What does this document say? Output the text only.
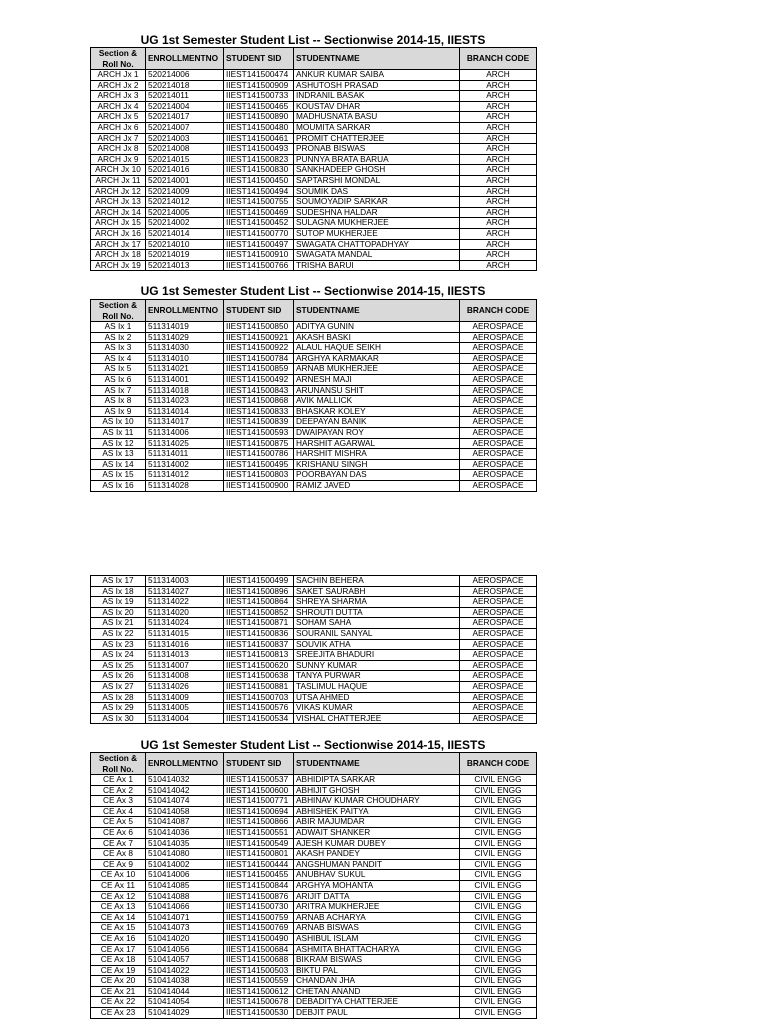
UG 1st Semester Student List -- Sectionwise 2014-15, IIESTS
Section & Roll No.	ENROLLMENTNO	STUDENT SID	STUDENTNAME	BRANCH CODE
ARCH Jx 1	520214006	IIEST141500474	ANKUR KUMAR SAIBA	ARCH
ARCH Jx 2	520214018	IIEST141500909	ASHUTOSH PRASAD	ARCH
ARCH Jx 3	520214011	IIEST141500733	INDRANIL BASAK	ARCH
ARCH Jx 4	520214004	IIEST141500465	KOUSTAV DHAR	ARCH
ARCH Jx 5	520214017	IIEST141500890	MADHUSNATA BASU	ARCH
ARCH Jx 6	520214007	IIEST141500480	MOUMITA SARKAR	ARCH
ARCH Jx 7	520214003	IIEST141500461	PROMIT CHATTERJEE	ARCH
ARCH Jx 8	520214008	IIEST141500493	PRONAB BISWAS	ARCH
ARCH Jx 9	520214015	IIEST141500823	PUNNYA BRATA BARUA	ARCH
ARCH Jx 10	520214016	IIEST141500830	SANKHADEEP GHOSH	ARCH
ARCH Jx 11	520214001	IIEST141500450	SAPTARSHI MONDAL	ARCH
ARCH Jx 12	520214009	IIEST141500494	SOUMIK DAS	ARCH
ARCH Jx 13	520214012	IIEST141500755	SOUMOYADIP SARKAR	ARCH
ARCH Jx 14	520214005	IIEST141500469	SUDESHNA HALDAR	ARCH
ARCH Jx 15	520214002	IIEST141500452	SULAGNA MUKHERJEE	ARCH
ARCH Jx 16	520214014	IIEST141500770	SUTOP MUKHERJEE	ARCH
ARCH Jx 17	520214010	IIEST141500497	SWAGATA CHATTOPADHYAY	ARCH
ARCH Jx 18	520214019	IIEST141500910	SWAGATA MANDAL	ARCH
ARCH Jx 19	520214013	IIEST141500766	TRISHA BARUI	ARCH
UG 1st Semester Student List -- Sectionwise 2014-15, IIESTS
Section & Roll No.	ENROLLMENTNO	STUDENT SID	STUDENTNAME	BRANCH CODE
AS Ix 1	511314019	IIEST141500850	ADITYA GUNIN	AEROSPACE
AS Ix 2	511314029	IIEST141500921	AKASH BASKI	AEROSPACE
AS Ix 3	511314030	IIEST141500922	ALAUL HAQUE SEIKH	AEROSPACE
AS Ix 4	511314010	IIEST141500784	ARGHYA KARMAKAR	AEROSPACE
AS Ix 5	511314021	IIEST141500859	ARNAB MUKHERJEE	AEROSPACE
AS Ix 6	511314001	IIEST141500492	ARNESH MAJI	AEROSPACE
AS Ix 7	511314018	IIEST141500843	ARUNANSU SHIT	AEROSPACE
AS Ix 8	511314023	IIEST141500868	AVIK MALLICK	AEROSPACE
AS Ix 9	511314014	IIEST141500833	BHASKAR KOLEY	AEROSPACE
AS Ix 10	511314017	IIEST141500839	DEEPAYAN BANIK	AEROSPACE
AS Ix 11	511314006	IIEST141500593	DWAIPAYAN ROY	AEROSPACE
AS Ix 12	511314025	IIEST141500875	HARSHIT AGARWAL	AEROSPACE
AS Ix 13	511314011	IIEST141500786	HARSHIT MISHRA	AEROSPACE
AS Ix 14	511314002	IIEST141500495	KRISHANU SINGH	AEROSPACE
AS Ix 15	511314012	IIEST141500803	POORBAYAN DAS	AEROSPACE
AS Ix 16	511314028	IIEST141500900	RAMIZ JAVED	AEROSPACE
AS Ix 17	511314003	IIEST141500499	SACHIN BEHERA	AEROSPACE
AS Ix 18	511314027	IIEST141500896	SAKET SAURABH	AEROSPACE
AS Ix 19	511314022	IIEST141500864	SHREYA SHARMA	AEROSPACE
AS Ix 20	511314020	IIEST141500852	SHROUTI DUTTA	AEROSPACE
AS Ix 21	511314024	IIEST141500871	SOHAM SAHA	AEROSPACE
AS Ix 22	511314015	IIEST141500836	SOURANIL SANYAL	AEROSPACE
AS Ix 23	511314016	IIEST141500837	SOUVIK ATHA	AEROSPACE
AS Ix 24	511314013	IIEST141500813	SREEJITA BHADURI	AEROSPACE
AS Ix 25	511314007	IIEST141500620	SUNNY KUMAR	AEROSPACE
AS Ix 26	511314008	IIEST141500638	TANYA PURWAR	AEROSPACE
AS Ix 27	511314026	IIEST141500881	TASLIMUL HAQUE	AEROSPACE
AS Ix 28	511314009	IIEST141500703	UTSA AHMED	AEROSPACE
AS Ix 29	511314005	IIEST141500576	VIKAS KUMAR	AEROSPACE
AS Ix 30	511314004	IIEST141500534	VISHAL CHATTERJEE	AEROSPACE
UG 1st Semester Student List -- Sectionwise 2014-15, IIESTS
Section & Roll No.	ENROLLMENTNO	STUDENT SID	STUDENTNAME	BRANCH CODE
CE Ax 1	510414032	IIEST141500537	ABHIDIPTA SARKAR	CIVIL ENGG
CE Ax 2	510414042	IIEST141500600	ABHIJIT GHOSH	CIVIL ENGG
CE Ax 3	510414074	IIEST141500771	ABHINAV KUMAR CHOUDHARY	CIVIL ENGG
CE Ax 4	510414058	IIEST141500694	ABHISHEK PAITYA	CIVIL ENGG
CE Ax 5	510414087	IIEST141500866	ABIR MAJUMDAR	CIVIL ENGG
CE Ax 6	510414036	IIEST141500551	ADWAIT SHANKER	CIVIL ENGG
CE Ax 7	510414035	IIEST141500549	AJESH KUMAR DUBEY	CIVIL ENGG
CE Ax 8	510414080	IIEST141500801	AKASH PANDEY	CIVIL ENGG
CE Ax 9	510414002	IIEST141500444	ANGSHUMAN PANDIT	CIVIL ENGG
CE Ax 10	510414006	IIEST141500455	ANUBHAV SUKUL	CIVIL ENGG
CE Ax 11	510414085	IIEST141500844	ARGHYA MOHANTA	CIVIL ENGG
CE Ax 12	510414088	IIEST141500876	ARIJIT DATTA	CIVIL ENGG
CE Ax 13	510414066	IIEST141500730	ARITRA MUKHERJEE	CIVIL ENGG
CE Ax 14	510414071	IIEST141500759	ARNAB ACHARYA	CIVIL ENGG
CE Ax 15	510414073	IIEST141500769	ARNAB BISWAS	CIVIL ENGG
CE Ax 16	510414020	IIEST141500490	ASHIBUL ISLAM	CIVIL ENGG
CE Ax 17	510414056	IIEST141500684	ASHMITA BHATTACHARYA	CIVIL ENGG
CE Ax 18	510414057	IIEST141500688	BIKRAM BISWAS	CIVIL ENGG
CE Ax 19	510414022	IIEST141500503	BIKTU PAL	CIVIL ENGG
CE Ax 20	510414038	IIEST141500559	CHANDAN JHA	CIVIL ENGG
CE Ax 21	510414044	IIEST141500612	CHETAN ANAND	CIVIL ENGG
CE Ax 22	510414054	IIEST141500678	DEBADITYA CHATTERJEE	CIVIL ENGG
CE Ax 23	510414029	IIEST141500530	DEBJIT PAUL	CIVIL ENGG
